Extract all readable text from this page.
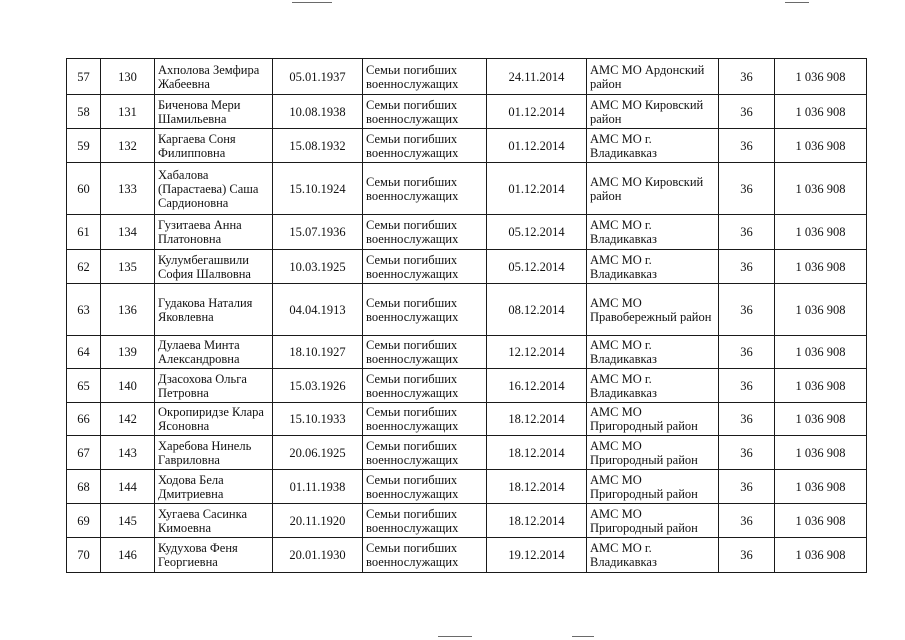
57	130	Ахполова Земфира Жабеевна	05.01.1937	Семьи погибших военнослужащих	24.11.2014	АМС МО Ардонский район	36	1 036 908
58	131	Биченова Мери Шамильевна	10.08.1938	Семьи погибших военнослужащих	01.12.2014	АМС МО Кировский район	36	1 036 908
59	132	Каргаева Соня Филипповна	15.08.1932	Семьи погибших военнослужащих	01.12.2014	АМС МО г. Владикавказ	36	1 036 908
60	133	Хабалова (Парастаева) Саша Сардионовна	15.10.1924	Семьи погибших военнослужащих	01.12.2014	АМС МО Кировский район	36	1 036 908
61	134	Гузитаева Анна Платоновна	15.07.1936	Семьи погибших военнослужащих	05.12.2014	АМС МО г. Владикавказ	36	1 036 908
62	135	Кулумбегашвили София Шалвовна	10.03.1925	Семьи погибших военнослужащих	05.12.2014	АМС МО г. Владикавказ	36	1 036 908
63	136	Гудакова Наталия Яковлевна	04.04.1913	Семьи погибших военнослужащих	08.12.2014	АМС МО Правобережный район	36	1 036 908
64	139	Дулаева Минта Александровна	18.10.1927	Семьи погибших военнослужащих	12.12.2014	АМС МО г. Владикавказ	36	1 036 908
65	140	Дзасохова Ольга Петровна	15.03.1926	Семьи погибших военнослужащих	16.12.2014	АМС МО г. Владикавказ	36	1 036 908
66	142	Окропиридзе Клара Ясоновна	15.10.1933	Семьи погибших военнослужащих	18.12.2014	АМС МО Пригородный район	36	1 036 908
67	143	Харебова Нинель Гавриловна	20.06.1925	Семьи погибших военнослужащих	18.12.2014	АМС МО Пригородный район	36	1 036 908
68	144	Ходова Бела Дмитриевна	01.11.1938	Семьи погибших военнослужащих	18.12.2014	АМС МО Пригородный район	36	1 036 908
69	145	Хугаева Сасинка Кимоевна	20.11.1920	Семьи погибших военнослужащих	18.12.2014	АМС МО Пригородный район	36	1 036 908
70	146	Кудухова Феня Георгиевна	20.01.1930	Семьи погибших военнослужащих	19.12.2014	АМС МО г. Владикавказ	36	1 036 908
